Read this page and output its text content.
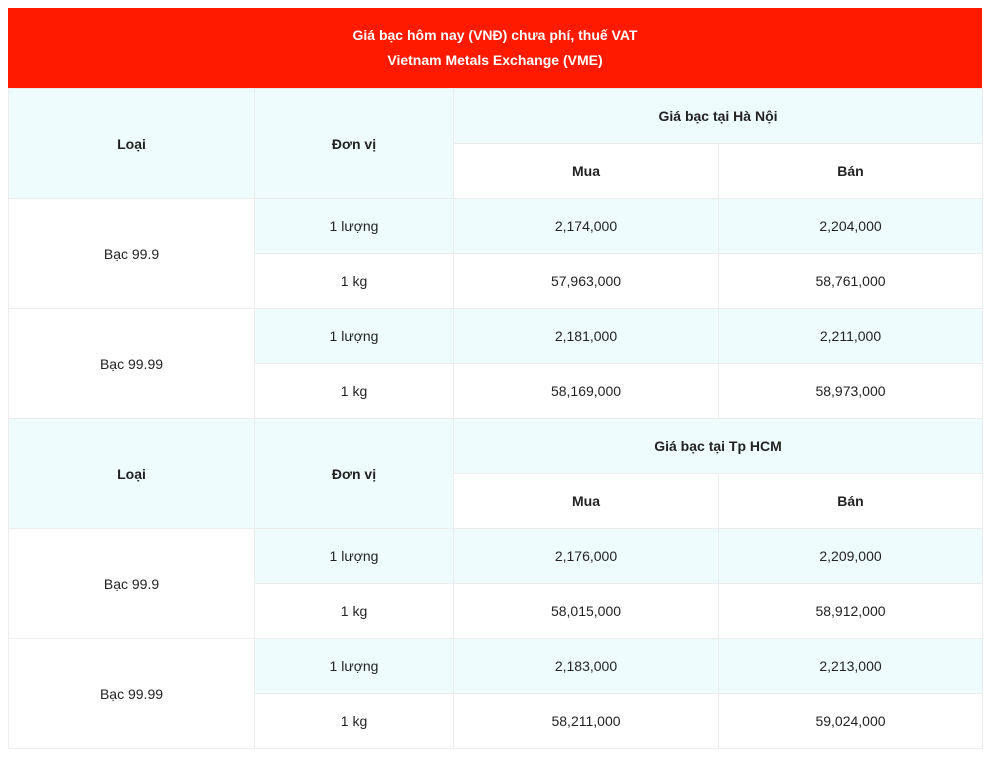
Giá bạc hôm nay (VNĐ) chưa phí, thuế VAT
Vietnam Metals Exchange (VME)
Loại	Đơn vị	Giá bạc tại Hà Nội	
		Mua	Bán
Bạc 99.9	1 lượng	2,174,000	2,204,000
	1 kg	57,963,000	58,761,000
Bạc 99.99	1 lượng	2,181,000	2,211,000
	1 kg	58,169,000	58,973,000
Loại	Đơn vị	Giá bạc tại Tp HCM	
		Mua	Bán
Bạc 99.9	1 lượng	2,176,000	2,209,000
	1 kg	58,015,000	58,912,000
Bạc 99.99	1 lượng	2,183,000	2,213,000
	1 kg	58,211,000	59,024,000
